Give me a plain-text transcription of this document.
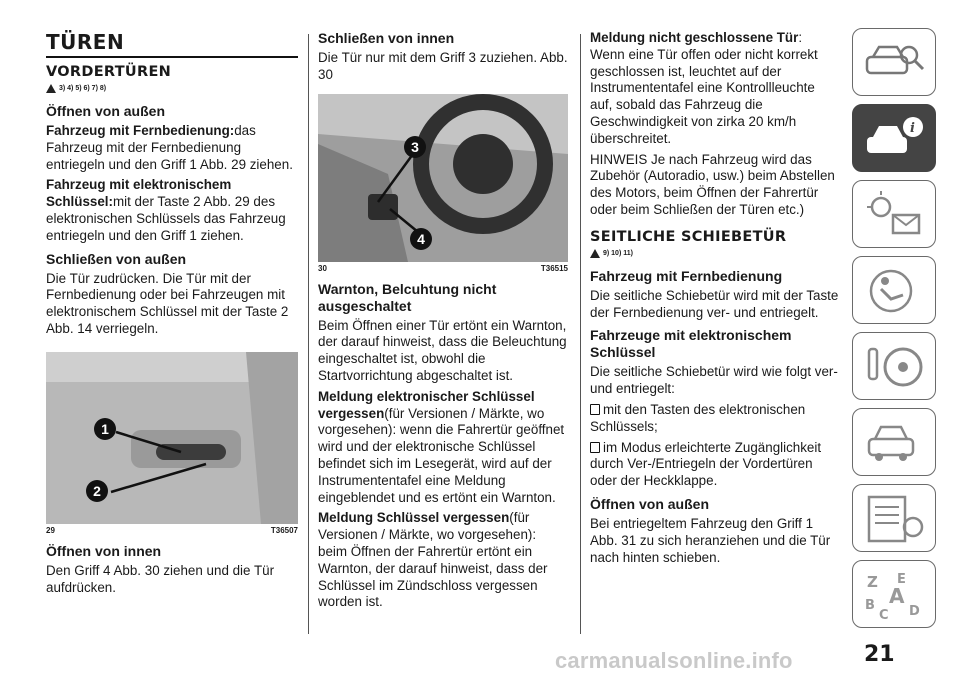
TÜREN
VORDERTÜREN
3) 4) 5) 6) 7) 8)
Öffnen von außen

Fahrzeug mit Fernbedienung:das Fahrzeug mit der Fernbedienung entriegeln und den Griff 1 Abb. 29 ziehen.

Fahrzeug mit elektronischem Schlüssel:mit der Taste 2 Abb. 29 des elektronischen Schlüssels das Fahrzeug entriegeln und den Griff 1 ziehen.

Schließen von außen

Die Tür zudrücken. Die Tür mit der Fernbedienung oder bei Fahrzeugen mit elektronischem Schlüssel mit der Taste 2 Abb. 14 verriegeln.

1
2
29	T36507
Öffnen von innen

Den Griff 4 Abb. 30 ziehen und die Tür aufdrücken.

Schließen von innen

Die Tür nur mit dem Griff 3 zuziehen. Abb. 30

3
4
30	T36515
Warnton, Belcuhtung nicht ausgeschaltet

Beim Öffnen einer Tür ertönt ein Warnton, der darauf hinweist, dass die Beleuchtung eingeschaltet ist, obwohl die Startvorrichtung abgeschaltet ist.

Meldung elektronischer Schlüssel vergessen(für Versionen / Märkte, wo vorgesehen): wenn die Fahrertür geöffnet wird und der elektronische Schlüssel befindet sich im Lesegerät, wird auf der Instrumententafel eine Meldung eingeblendet und es ertönt ein Warnton.

Meldung Schlüssel vergessen(für Versionen / Märkte, wo vorgesehen): beim Öffnen der Fahrertür ertönt ein Warnton, der darauf hinweist, dass der Schlüssel im Zündschloss vergessen worden ist.

Meldung nicht geschlossene Tür:
Wenn eine Tür offen oder nicht korrekt geschlossen ist, leuchtet auf der Instrumententafel eine Kontrollleuchte auf, sobald das Fahrzeug die Geschwindigkeit von zirka 20 km/h überschreitet.

HINWEIS Je nach Fahrzeug wird das Zubehör (Autoradio, usw.) beim Abstellen des Motors, beim Öffnen der Fahrertür oder beim Schließen der Türen etc.)

SEITLICHE SCHIEBETÜR
9) 10) 11)
Fahrzeug mit Fernbedienung

Die seitliche Schiebetür wird mit der Taste der Fernbedienung ver- und entriegelt.

Fahrzeuge mit elektronischem Schlüssel

Die seitliche Schiebetür wird wie folgt ver- und entriegelt:

mit den Tasten des elektronischen Schlüssels;

im Modus erleichterte Zugänglichkeit durch Ver-/Entriegeln der Vordertüren oder der Heckklappe.

Öffnen von außen

Bei entriegeltem Fahrzeug den Griff 1 Abb. 31 zu sich heranziehen und die Tür nach hinten schieben.

i
Z E
B A
C D
carmanualsonline.info	21
